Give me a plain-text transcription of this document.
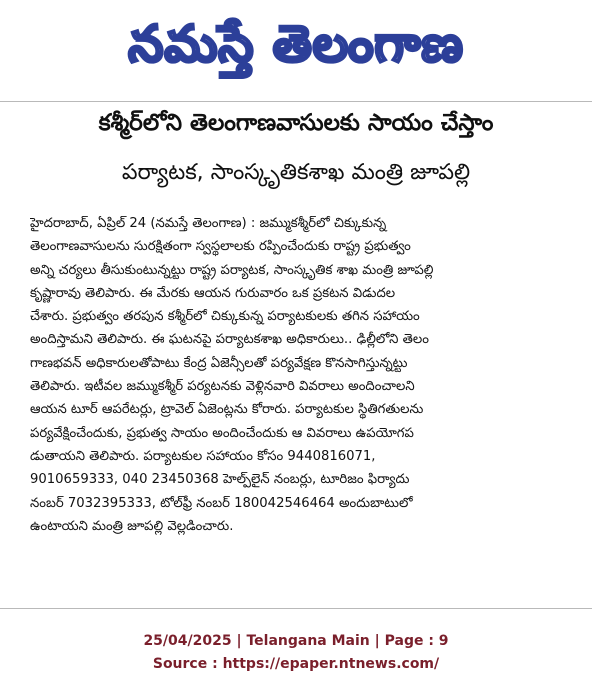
నమస్తే తెలంగాణ
కశ్మీర్‌లోని తెలంగాణవాసులకు సాయం చేస్తాం
పర్యాటక, సాంస్కృతికశాఖ మంత్రి జూపల్లి
హైదరాబాద్, ఏప్రిల్ 24 (నమస్తే తెలంగాణ) : జమ్ముకశ్మీర్‌లో చిక్కుకున్న
తెలంగాణవాసులను సురక్షితంగా స్వస్థలాలకు రప్పించేందుకు రాష్ట్ర ప్రభుత్వం
అన్ని చర్యలు తీసుకుంటున్నట్టు రాష్ట్ర పర్యాటక, సాంస్కృతిక శాఖ మంత్రి జూపల్లి
కృష్ణారావు తెలిపారు. ఈ మేరకు ఆయన గురువారం ఒక ప్రకటన విడుదల
చేశారు. ప్రభుత్వం తరపున కశ్మీర్‌లో చిక్కుకున్న పర్యాటకులకు తగిన సహాయం
అందిస్తామని తెలిపారు. ఈ ఘటనపై పర్యాటకశాఖ అధికారులు.. ఢిల్లీలోని తెలం
గాణభవన్ అధికారులతోపాటు కేంద్ర ఏజెన్సీలతో పర్యవేక్షణ కొనసాగిస్తున్నట్టు
తెలిపారు. ఇటీవల జమ్ముకశ్మీర్ పర్యటనకు వెళ్లినవారి వివరాలు అందించాలని
ఆయన టూర్ ఆపరేటర్లు, ట్రావెల్ ఏజెంట్లను కోరారు. పర్యాటకుల స్థితిగతులను
పర్యవేక్షించేందుకు, ప్రభుత్వ సాయం అందించేందుకు ఆ వివరాలు ఉపయోగప
డుతాయని తెలిపారు. పర్యాటకుల సహాయం కోసం 9440816071,
9010659333, 040 23450368 హెల్ప్‌లైన్ నంబర్లు, టూరిజం ఫిర్యాదు
నంబర్ 7032395333, టోల్‌ఫ్రీ నంబర్ 180042546464 అందుబాటులో
ఉంటాయని మంత్రి జూపల్లి వెల్లడించారు.
25/04/2025 | Telangana Main | Page : 9
Source : https://epaper.ntnews.com/
